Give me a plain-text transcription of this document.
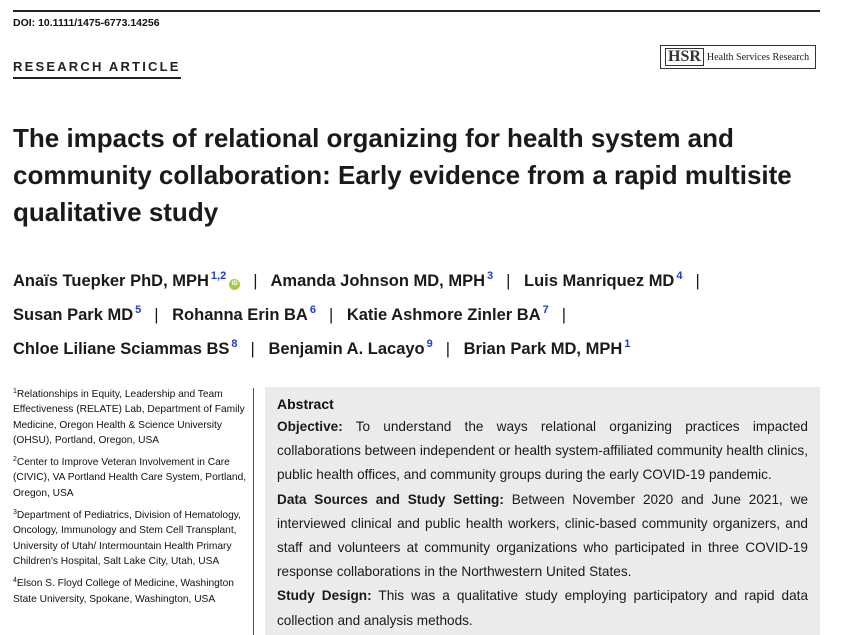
DOI: 10.1111/1475-6773.14256
RESEARCH ARTICLE
HSR Health Services Research
The impacts of relational organizing for health system and community collaboration: Early evidence from a rapid multisite qualitative study
Anaïs Tuepker PhD, MPH $^{1,2}$iD | Amanda Johnson MD, MPH $^3$ | Luis Manriquez MD $^4$ |
Susan Park MD $^5$ | Rohanna Erin BA $^6$ | Katie Ashmore Zinler BA $^7$ |
Chloe Liliane Sciammas BS $^8$ | Benjamin A. Lacayo $^9$ | Brian Park MD, MPH $^1$
$^1$Relationships in Equity, Leadership and Team Effectiveness (RELATE) Lab, Department of Family Medicine, Oregon Health & Science University (OHSU), Portland, Oregon, USA
$^2$Center to Improve Veteran Involvement in Care (CIVIC), VA Portland Health Care System, Portland, Oregon, USA
$^3$Department of Pediatrics, Division of Hematology, Oncology, Immunology and Stem Cell Transplant, University of Utah/ Intermountain Health Primary Children's Hospital, Salt Lake City, Utah, USA
$^4$Elson S. Floyd College of Medicine, Washington State University, Spokane, Washington, USA
Abstract

Objective: To understand the ways relational organizing practices impacted collaborations between independent or health system-affiliated community health clinics, public health offices, and community groups during the early COVID-19 pandemic.

Data Sources and Study Setting: Between November 2020 and June 2021, we interviewed clinical and public health workers, clinic-based community organizers, and staff and volunteers at community organizations who participated in three COVID-19 response collaborations in the Northwestern United States.

Study Design: This was a qualitative study employing participatory and rapid data collection and analysis methods.
